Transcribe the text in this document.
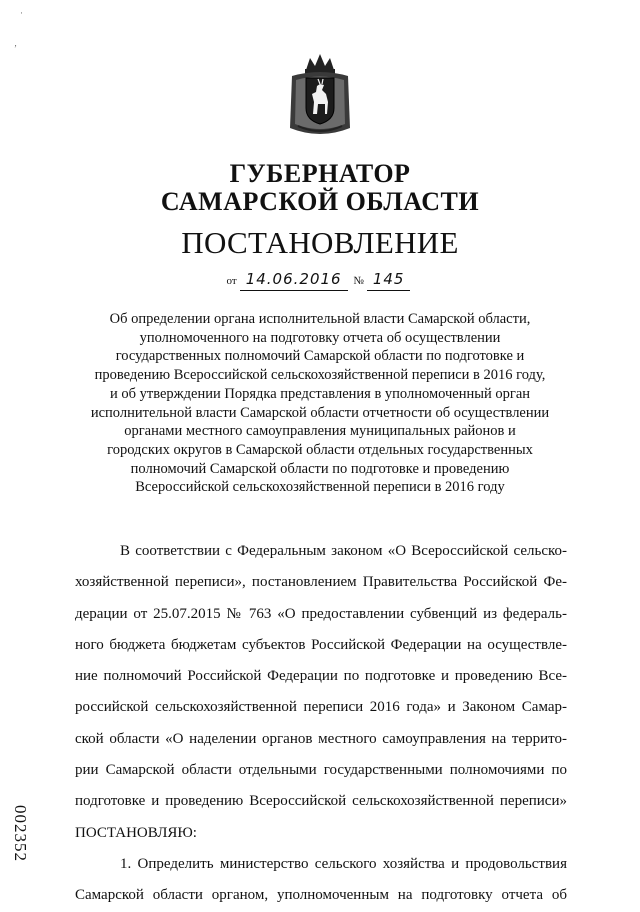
·
‚
ГУБЕРНАТОР
САМАРСКОЙ ОБЛАСТИ
ПОСТАНОВЛЕНИЕ
от 14.06.2016 № 145
Об определении органа исполнительной власти Самарской области,
уполномоченного на подготовку отчета об осуществлении
государственных полномочий Самарской области по подготовке и
проведению Всероссийской сельскохозяйственной переписи в 2016 году,
и об утверждении Порядка представления в уполномоченный орган
исполнительной власти Самарской области отчетности об осуществлении
органами местного самоуправления муниципальных районов и
городских округов в Самарской области отдельных государственных
полномочий Самарской области по подготовке и проведению
Всероссийской сельскохозяйственной переписи в 2016 году
В соответствии с Федеральным законом «О Всероссийской сельско-
хозяйственной переписи», постановлением Правительства Российской Фе-
дерации от 25.07.2015 № 763 «О предоставлении субвенций из федераль-
ного бюджета бюджетам субъектов Российской Федерации на осуществле-
ние полномочий Российской Федерации по подготовке и проведению Все-
российской сельскохозяйственной переписи 2016 года» и Законом Самар-
ской области «О наделении органов местного самоуправления на террито-
рии Самарской области отдельными государственными полномочиями по
подготовке и проведению Всероссийской сельскохозяйственной переписи»
ПОСТАНОВЛЯЮ:
1. Определить министерство сельского хозяйства и продовольствия
Самарской области органом, уполномоченным на подготовку отчета об
002352
